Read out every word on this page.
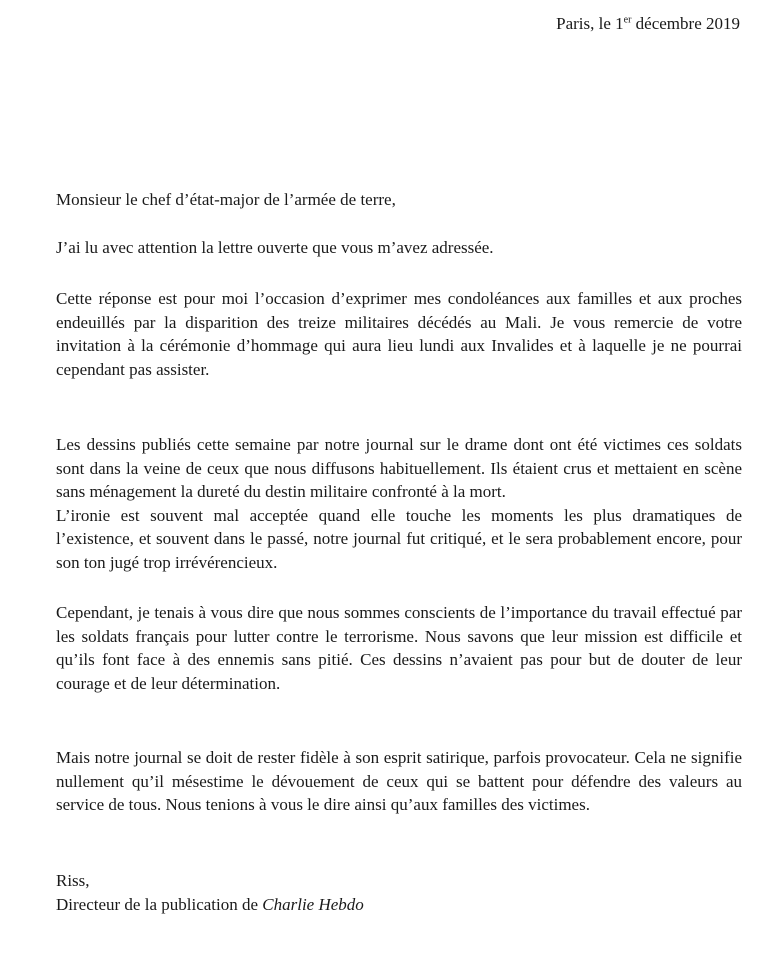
Paris, le 1er décembre 2019

Monsieur le chef d’état-major de l’armée de terre,

J’ai lu avec attention la lettre ouverte que vous m’avez adressée.

Cette réponse est pour moi l’occasion d’exprimer mes condoléances aux familles et aux proches endeuillés par la disparition des treize militaires décédés au Mali. Je vous remercie de votre invitation à la cérémonie d’hommage qui aura lieu lundi aux Invalides et à laquelle je ne pourrai cependant pas assister.

Les dessins publiés cette semaine par notre journal sur le drame dont ont été victimes ces soldats sont dans la veine de ceux que nous diffusons habituellement. Ils étaient crus et mettaient en scène sans ménagement la dureté du destin militaire confronté à la mort.
L’ironie est souvent mal acceptée quand elle touche les moments les plus dramatiques de l’existence, et souvent dans le passé, notre journal fut critiqué, et le sera probablement encore, pour son ton jugé trop irrévérencieux.

Cependant, je tenais à vous dire que nous sommes conscients de l’importance du travail effectué par les soldats français pour lutter contre le terrorisme. Nous savons que leur mission est difficile et qu’ils font face à des ennemis sans pitié. Ces dessins n’avaient pas pour but de douter de leur courage et de leur détermination.

Mais notre journal se doit de rester fidèle à son esprit satirique, parfois provocateur. Cela ne signifie nullement qu’il mésestime le dévouement de ceux qui se battent pour défendre des valeurs au service de tous. Nous tenions à vous le dire ainsi qu’aux familles des victimes.

Riss,
Directeur de la publication de Charlie Hebdo
